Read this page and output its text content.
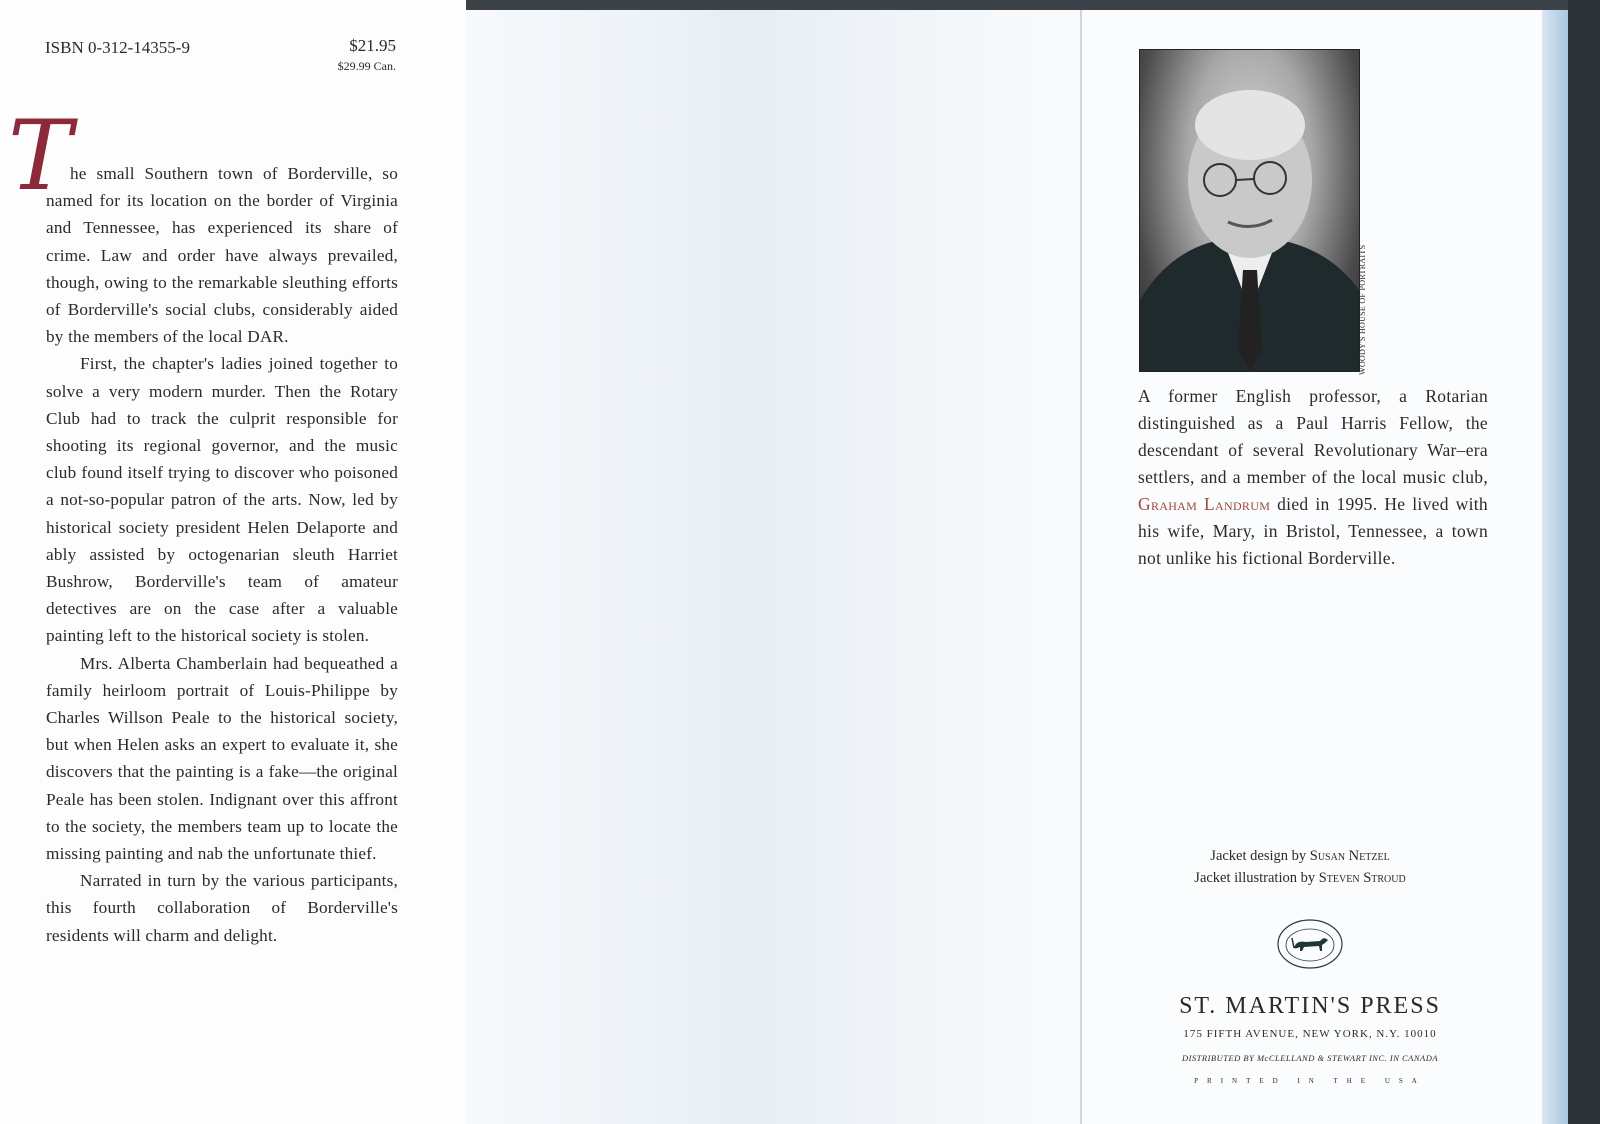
ISBN 0-312-14355-9	$21.95
$29.99 Can.
T

he small Southern town of Borderville, so named for its location on the border of Virginia and Tennessee, has experienced its share of crime. Law and order have always prevailed, though, owing to the remarkable sleuthing efforts of Borderville's social clubs, considerably aided by the members of the local DAR.

First, the chapter's ladies joined together to solve a very modern murder. Then the Rotary Club had to track the culprit responsible for shooting its regional governor, and the music club found itself trying to discover who poisoned a not-so-popular patron of the arts. Now, led by historical society president Helen Delaporte and ably assisted by octogenarian sleuth Harriet Bushrow, Borderville's team of amateur detectives are on the case after a valuable painting left to the historical society is stolen.

Mrs. Alberta Chamberlain had bequeathed a family heirloom portrait of Louis-Philippe by Charles Willson Peale to the historical society, but when Helen asks an expert to evaluate it, she discovers that the painting is a fake—the original Peale has been stolen. Indignant over this affront to the society, the members team up to locate the missing painting and nab the unfortunate thief.

Narrated in turn by the various participants, this fourth collaboration of Borderville's residents will charm and delight.

WOODY'S HOUSE OF PORTRAITS
A former English professor, a Rotarian distinguished as a Paul Harris Fellow, the descendant of several Revolutionary War–era settlers, and a member of the local music club, Graham Landrum died in 1995. He lived with his wife, Mary, in Bristol, Tennessee, a town not unlike his fictional Borderville.
Jacket design by Susan Netzel
Jacket illustration by Steven Stroud
ST. MARTIN'S PRESS
175 FIFTH AVENUE, NEW YORK, N.Y. 10010
DISTRIBUTED BY McCLELLAND & STEWART INC. IN CANADA
PRINTED IN THE USA
